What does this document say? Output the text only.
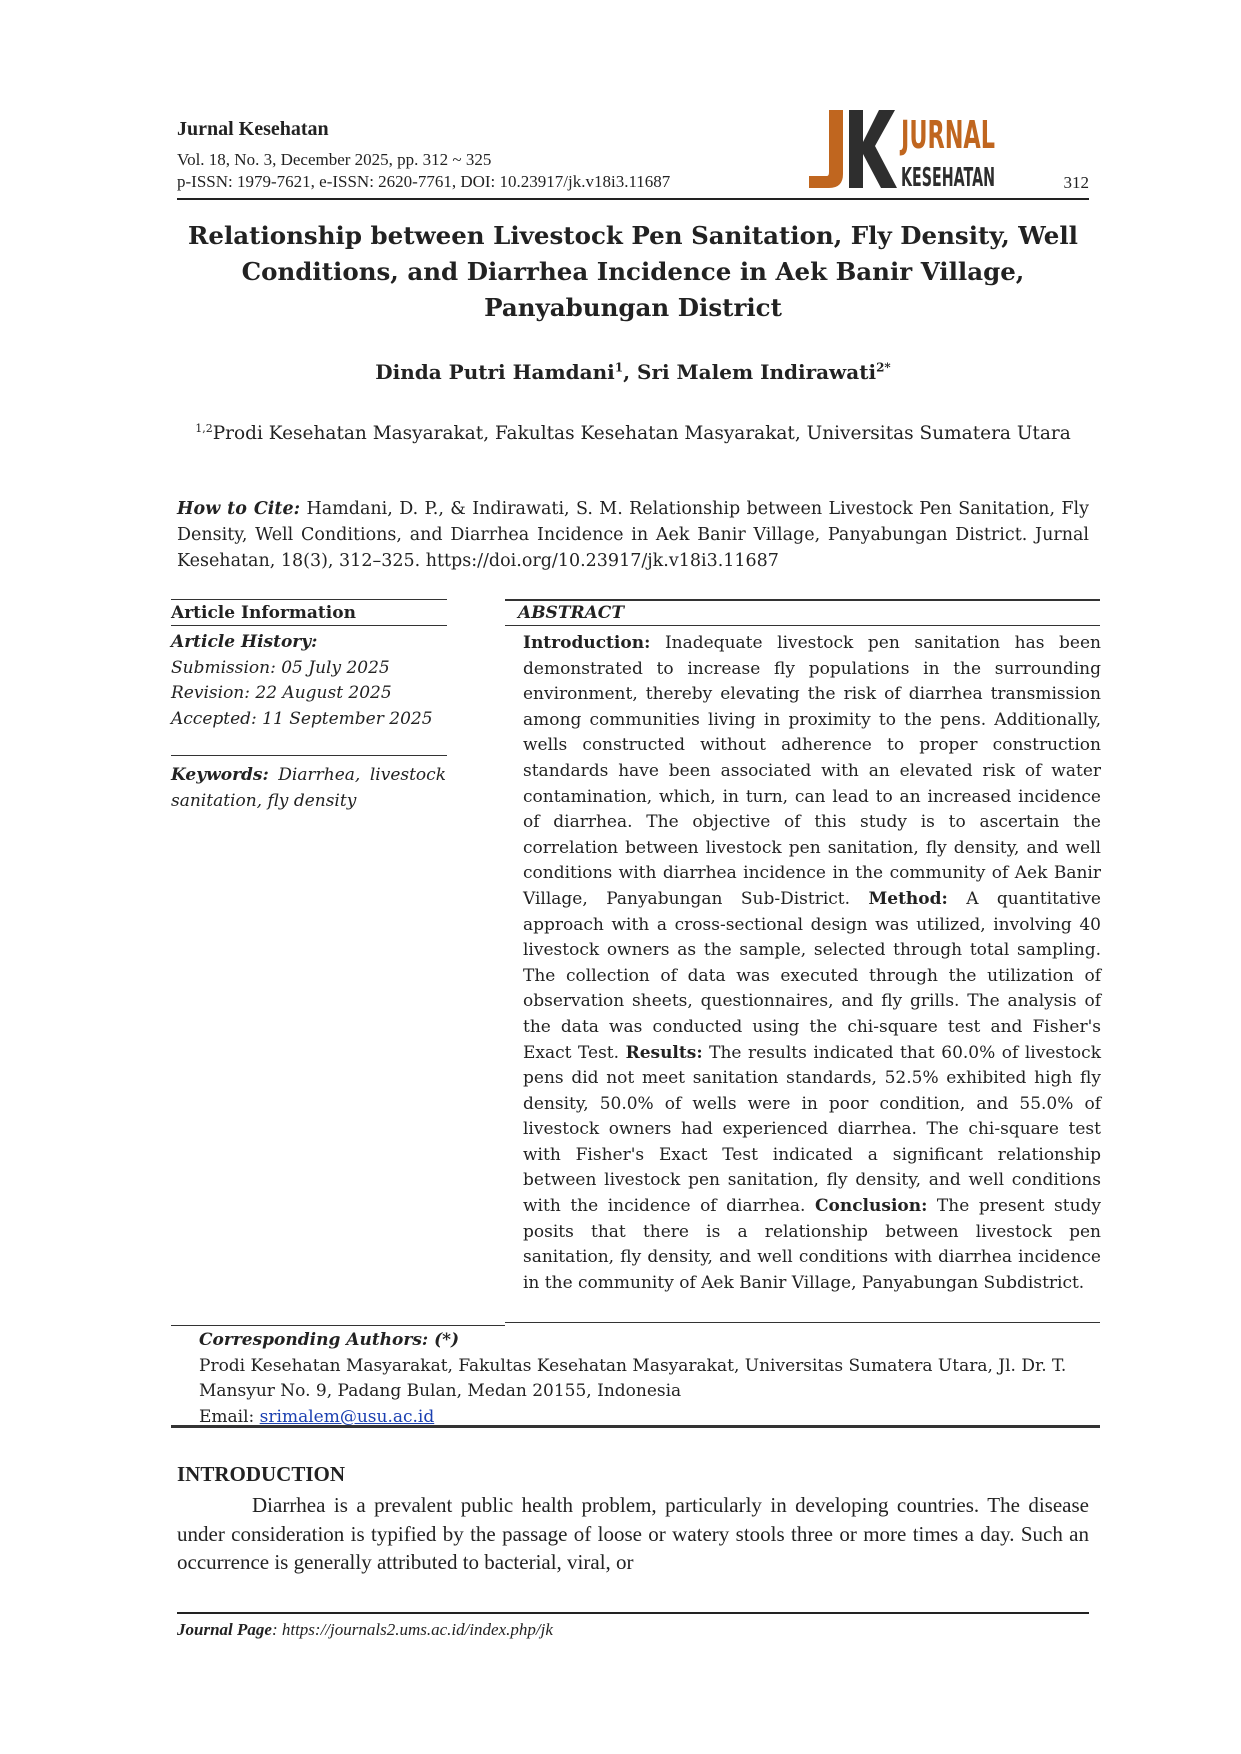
Jurnal Kesehatan
Vol. 18, No. 3, December 2025, pp. 312 ~ 325
p-ISSN: 1979-7621, e-ISSN: 2620-7761, DOI: 10.23917/jk.v18i3.11687
JURNAL
KESEHATAN	312
Relationship between Livestock Pen Sanitation, Fly Density, Well Conditions, and Diarrhea Incidence in Aek Banir Village, Panyabungan District
Dinda Putri Hamdani$^1$, Sri Malem Indirawati$^{2*}$
$^{1,2}$Prodi Kesehatan Masyarakat, Fakultas Kesehatan Masyarakat, Universitas Sumatera Utara
How to Cite: Hamdani, D. P., & Indirawati, S. M. Relationship between Livestock Pen Sanitation, Fly Density, Well Conditions, and Diarrhea Incidence in Aek Banir Village, Panyabungan District. Jurnal Kesehatan, 18(3), 312–325. https://doi.org/10.23917/jk.v18i3.11687
Article Information	ABSTRACT
Article History:
Submission: 05 July 2025
Revision: 22 August 2025
Accepted: 11 September 2025
Keywords: Diarrhea, livestock sanitation, fly density
Introduction: Inadequate livestock pen sanitation has been demonstrated to increase fly populations in the surrounding environment, thereby elevating the risk of diarrhea transmission among communities living in proximity to the pens. Additionally, wells constructed without adherence to proper construction standards have been associated with an elevated risk of water contamination, which, in turn, can lead to an increased incidence of diarrhea. The objective of this study is to ascertain the correlation between livestock pen sanitation, fly density, and well conditions with diarrhea incidence in the community of Aek Banir Village, Panyabungan Sub-District. Method: A quantitative approach with a cross-sectional design was utilized, involving 40 livestock owners as the sample, selected through total sampling. The collection of data was executed through the utilization of observation sheets, questionnaires, and fly grills. The analysis of the data was conducted using the chi-square test and Fisher's Exact Test. Results: The results indicated that 60.0% of livestock pens did not meet sanitation standards, 52.5% exhibited high fly density, 50.0% of wells were in poor condition, and 55.0% of livestock owners had experienced diarrhea. The chi-square test with Fisher's Exact Test indicated a significant relationship between livestock pen sanitation, fly density, and well conditions with the incidence of diarrhea. Conclusion: The present study posits that there is a relationship between livestock pen sanitation, fly density, and well conditions with diarrhea incidence in the community of Aek Banir Village, Panyabungan Subdistrict.
Corresponding Authors: (*)
Prodi Kesehatan Masyarakat, Fakultas Kesehatan Masyarakat, Universitas Sumatera Utara, Jl. Dr. T. Mansyur No. 9, Padang Bulan, Medan 20155, Indonesia
Email: srimalem@usu.ac.id
INTRODUCTION
Diarrhea is a prevalent public health problem, particularly in developing countries. The disease under consideration is typified by the passage of loose or watery stools three or more times a day. Such an occurrence is generally attributed to bacterial, viral, or
Journal Page: https://journals2.ums.ac.id/index.php/jk
